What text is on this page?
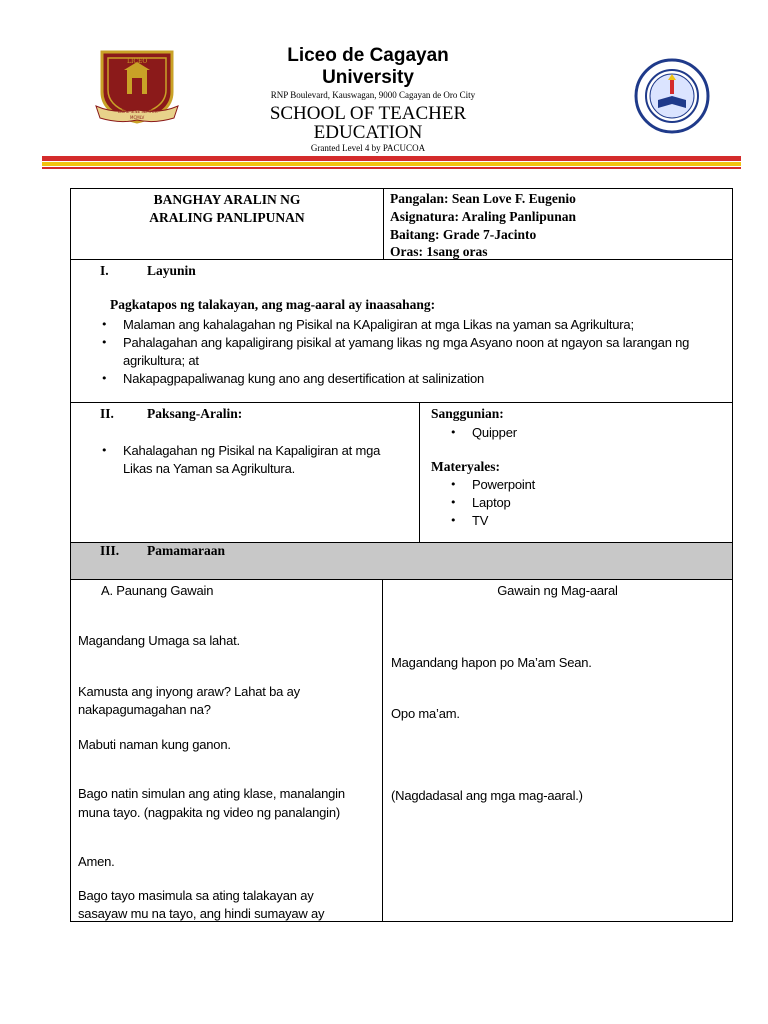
LICEO
LIBRE SINE SEMPER
MCMLV
Liceo de Cagayan
University
RNP Boulevard, Kauswagan, 9000 Cagayan de Oro City
SCHOOL OF TEACHER
EDUCATION
Granted Level 4 by PACUCOA
BANGHAY ARALIN NG
ARALING PANLIPUNAN
Pangalan: Sean Love F. Eugenio
Asignatura: Araling Panlipunan
Baitang: Grade 7-Jacinto
Oras: 1sang oras
I.	Layunin
Pagkatapos ng talakayan, ang mag-aaral ay inaasahang:
• Malaman ang kahalagahan ng Pisikal na KApaligiran at mga Likas na yaman sa Agrikultura;
• Pahalagahan ang kapaligirang pisikal at yamang likas ng mga Asyano noon at ngayon sa larangan ng agrikultura; at
• Nakapagpapaliwanag kung ano ang desertification at salinization
II. Paksang-Aralin:
• Kahalagahan ng Pisikal na Kapaligiran at mga Likas na Yaman sa Agrikultura.
Sanggunian:
• Quipper
Materyales:
• Powerpoint
• Laptop
• TV
III. Pamamaraan
A. Paunang Gawain
Magandang Umaga sa lahat.
Kamusta ang inyong araw? Lahat ba ay
nakapagumagahan na?
Mabuti naman kung ganon.
Bago natin simulan ang ating klase, manalangin
muna tayo. (nagpakita ng video ng panalangin)
Amen.
Bago tayo masimula sa ating talakayan ay
sasayaw mu na tayo, ang hindi sumayaw ay
Gawain ng Mag-aaral
Magandang hapon po Ma’am Sean.
Opo ma’am.
(Nagdadasal ang mga mag-aaral.)
